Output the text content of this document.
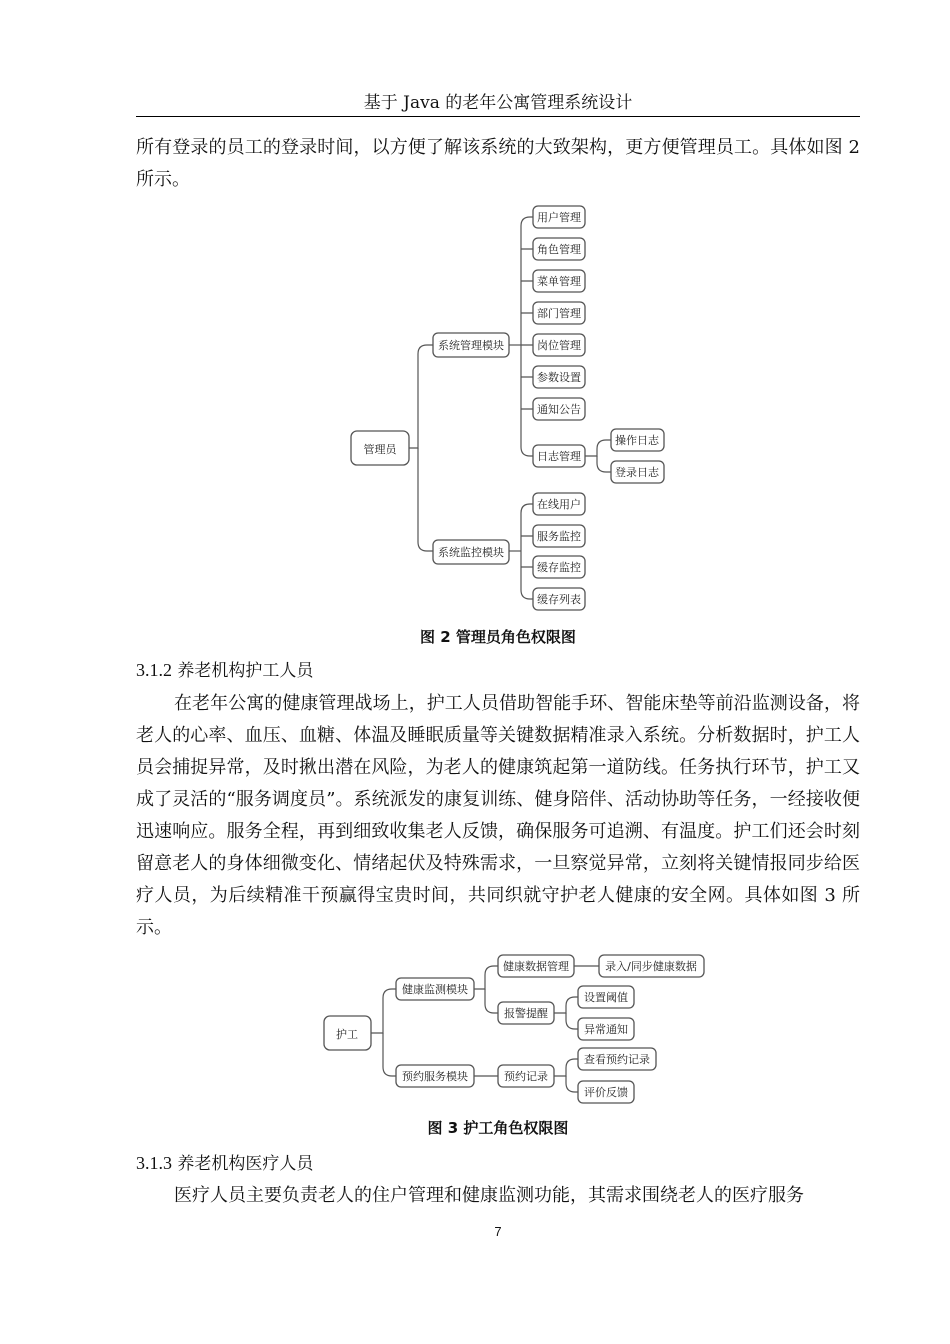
基于 Java 的老年公寓管理系统设计

所有登录的员工的登录时间，以方便了解该系统的大致架构，更方便管理员工。具体如图 2 所示。

管理员
系统管理模块
系统监控模块
用户管理
角色管理
菜单管理
部门管理
岗位管理
参数设置
通知公告
日志管理
操作日志
登录日志
在线用户
服务监控
缓存监控
缓存列表
护工
健康监测模块
预约服务模块
健康数据管理	录入/同步健康数据
报警提醒
设置阈值
异常通知
预约记录
查看预约记录
评价反馈
图 2 管理员角色权限图
3.1.2 养老机构护工人员

在老年公寓的健康管理战场上，护工人员借助智能手环、智能床垫等前沿监测设备，将老人的心率、血压、血糖、体温及睡眠质量等关键数据精准录入系统。分析数据时，护工人员会捕捉异常，及时揪出潜在风险，为老人的健康筑起第一道防线。任务执行环节，护工又成了灵活的“服务调度员”。系统派发的康复训练、健身陪伴、活动协助等任务，一经接收便迅速响应。服务全程，再到细致收集老人反馈，确保服务可追溯、有温度。护工们还会时刻留意老人的身体细微变化、情绪起伏及特殊需求，一旦察觉异常，立刻将关键情报同步给医疗人员，为后续精准干预赢得宝贵时间，共同织就守护老人健康的安全网。具体如图 3 所示。

图 3 护工角色权限图
3.1.3 养老机构医疗人员

医疗人员主要负责老人的住户管理和健康监测功能，其需求围绕老人的医疗服务

7
